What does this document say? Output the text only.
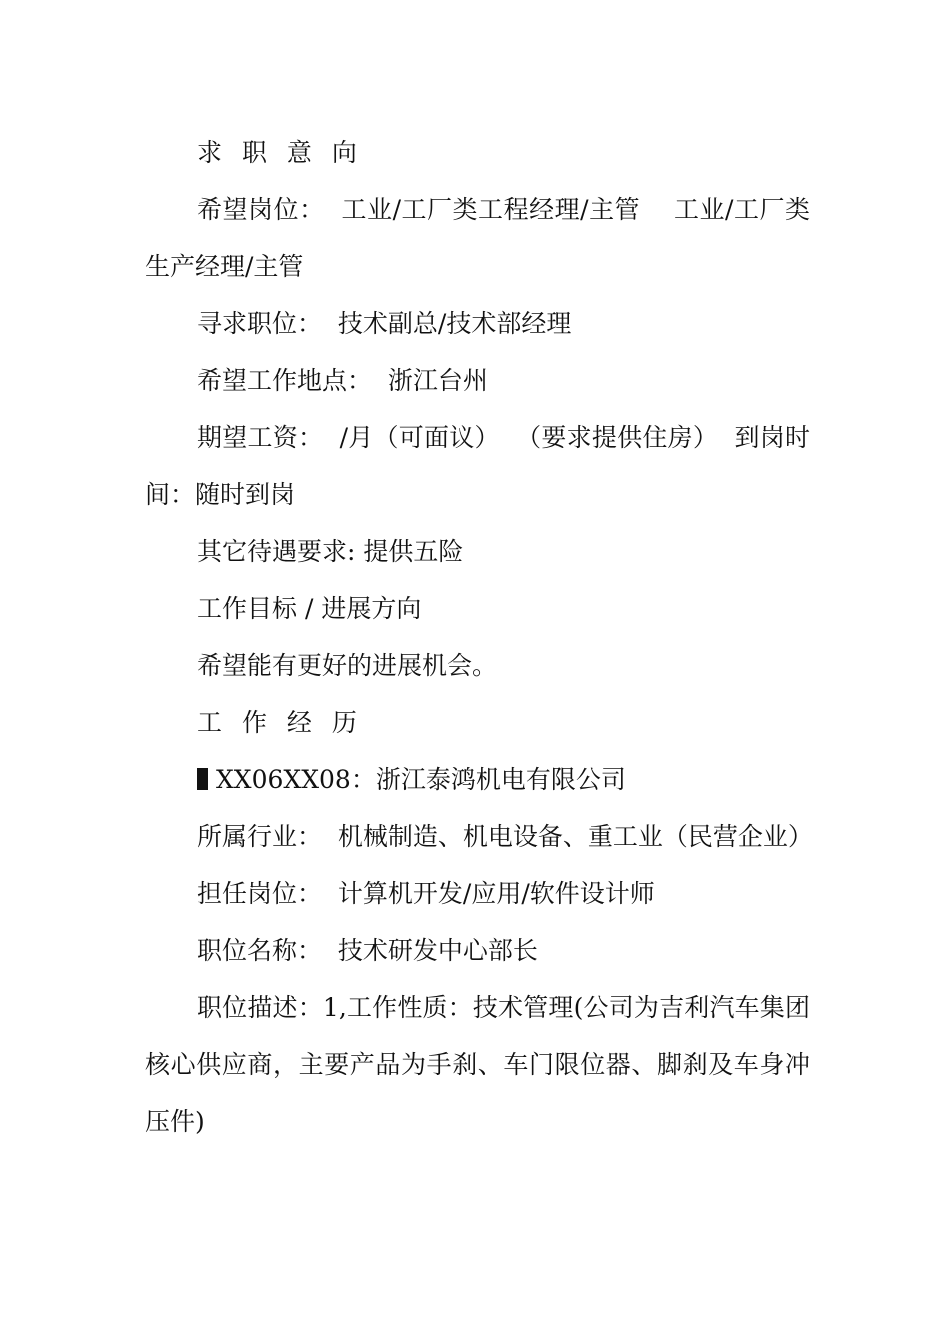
求 职 意 向

希望岗位：  工业/工厂类工程经理/主管    工业/工厂类生产经理/主管

寻求职位：  技术副总/技术部经理

希望工作地点：  浙江台州

期望工资：  /月（可面议）  （要求提供住房）  到岗时间：随时到岗

其它待遇要求: 提供五险

工作目标 / 进展方向

希望能有更好的进展机会。

工 作 经 历

XX06XX08：浙江泰鸿机电有限公司

所属行业：  机械制造、机电设备、重工业（民营企业）

担任岗位：  计算机开发/应用/软件设计师

职位名称：  技术研发中心部长

职位描述：1,工作性质：技术管理(公司为吉利汽车集团核心供应商，主要产品为手刹、车门限位器、脚刹及车身冲压件)
